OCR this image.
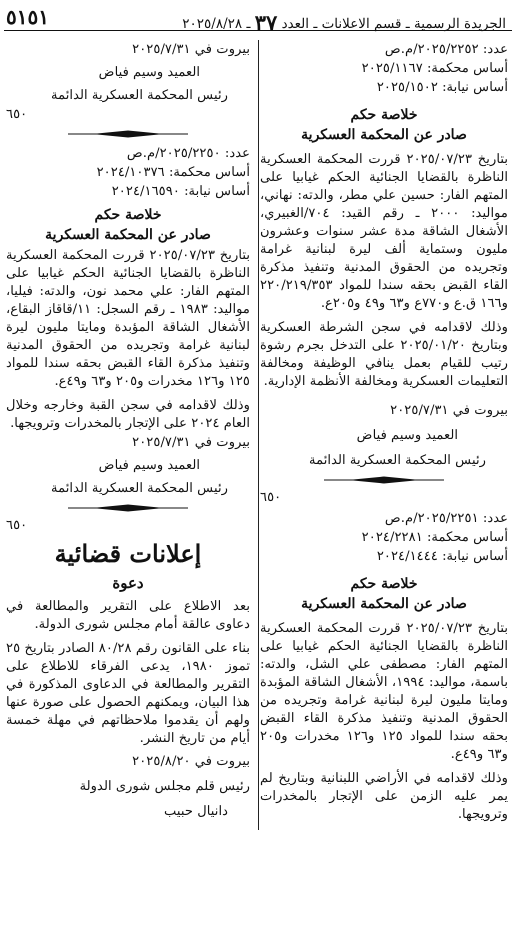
الجريدة الرسمية ـ قسم الاعلانات ـ العدد ٣٧ ـ ٢٠٢٥/٨/٢٨
٥١٥١
عدد: ٢٠٢٥/٢٢٥٢/م.ص
أساس محكمة: ٢٠٢٥/١١٦٧
أساس نيابة: ٢٠٢٥/١٥٠٢
خلاصة حكم
صادر عن المحكمة العسكرية

بتاريخ ٢٠٢٥/٠٧/٢٣ قررت المحكمة العسكرية الناظرة بالقضايا الجنائية الحكم غيابيا على المتهم الفار: حسين علي مطر، والدته: نهاني، مواليد: ٢٠٠٠ ـ رقم القيد: ٧٠٤/الغبيري، الأشغال الشاقة مدة عشر سنوات وعشرون مليون وستماية ألف ليرة لبنانية غرامة وتجريده من الحقوق المدنية وتنفيذ مذكرة القاء القبض بحقه سندا للمواد ٢٢٠/٢١٩/٣٥٣ و١٦٦ ق.ع و٧٧٠ع و٦٣ و٤٩ و٢٠٥ع.

وذلك لاقدامه في سجن الشرطة العسكرية وبتاريخ ٢٠٢٥/٠١/٢٠ على التدخل بجرم رشوة رتيب للقيام بعمل ينافي الوظيفة ومخالفة التعليمات العسكرية ومخالفة الأنظمة الإدارية.

بيروت في ٢٠٢٥/٧/٣١
العميد وسيم فياض
رئيس المحكمة العسكرية الدائمة
٦٥٠
عدد: ٢٠٢٥/٢٢٥١/م.ص
أساس محكمة: ٢٠٢٤/٢٢٨١
أساس نيابة: ٢٠٢٤/١٤٤٤
خلاصة حكم
صادر عن المحكمة العسكرية

بتاريخ ٢٠٢٥/٠٧/٢٣ قررت المحكمة العسكرية الناظرة بالقضايا الجنائية الحكم غيابيا على المتهم الفار: مصطفى علي الشل، والدته: باسمة، مواليد: ١٩٩٤، الأشغال الشاقة المؤبدة ومايتا مليون ليرة لبنانية غرامة وتجريده من الحقوق المدنية وتنفيذ مذكرة القاء القبض بحقه سندا للمواد ١٢٥ و١٢٦ مخدرات و٢٠٥ و٦٣ و٤٩ع.

وذلك لاقدامه في الأراضي اللبنانية وبتاريخ لم يمر عليه الزمن على الإتجار بالمخدرات وترويجها.

بيروت في ٢٠٢٥/٧/٣١
العميد وسيم فياض
رئيس المحكمة العسكرية الدائمة
٦٥٠
عدد: ٢٠٢٥/٢٢٥٠/م.ص
أساس محكمة: ٢٠٢٤/١٠٣٧٦
أساس نيابة: ٢٠٢٤/١٦٥٩٠
خلاصة حكم
صادر عن المحكمة العسكرية

بتاريخ ٢٠٢٥/٠٧/٢٣ قررت المحكمة العسكرية الناظرة بالقضايا الجنائية الحكم غيابيا على المتهم الفار: علي محمد نون، والدته: فيليا، مواليد: ١٩٨٣ ـ رقم السجل: ١١/قاقاز البقاع، الأشغال الشاقة المؤبدة ومايتا مليون ليرة لبنانية غرامة وتجريده من الحقوق المدنية وتنفيذ مذكرة القاء القبض بحقه سندا للمواد ١٢٥ و١٢٦ مخدرات و٢٠٥ و٦٣ و٤٩ع.

وذلك لاقدامه في سجن القبة وخارجه وخلال العام ٢٠٢٤ على الإتجار بالمخدرات وترويجها.

بيروت في ٢٠٢٥/٧/٣١
العميد وسيم فياض
رئيس المحكمة العسكرية الدائمة
٦٥٠
إعلانات قضائية
دعوة

بعد الاطلاع على التقرير والمطالعة في دعاوى عالقة أمام مجلس شورى الدولة.

بناء على القانون رقم ٨٠/٢٨ الصادر بتاريخ ٢٥ تموز ١٩٨٠، يدعى الفرقاء للاطلاع على التقرير والمطالعة في الدعاوى المذكورة في هذا البيان، ويمكنهم الحصول على صورة عنها ولهم أن يقدموا ملاحظاتهم في مهلة خمسة أيام من تاريخ النشر.

بيروت في ٢٠٢٥/٨/٢٠
رئيس قلم مجلس شورى الدولة
دانيال حبيب
